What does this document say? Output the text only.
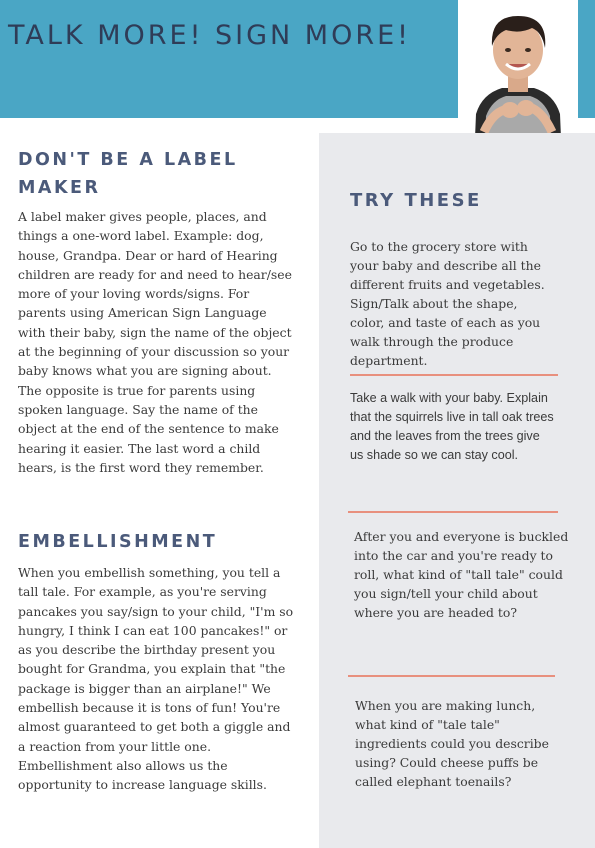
TALK MORE! SIGN MORE!
DON'T BE A LABEL
MAKER

A label maker gives people, places, and things a one-word label. Example: dog, house, Grandpa. Dear or hard of Hearing children are ready for and need to hear/see more of your loving words/signs. For parents using American Sign Language with their baby, sign the name of the object at the beginning of your discussion so your baby knows what you are signing about. The opposite is true for parents using spoken language. Say the name of the object at the end of the sentence to make hearing it easier. The last word a child hears, is the first word they remember.

EMBELLISHMENT

When you embellish something, you tell a tall tale. For example, as you're serving pancakes you say/sign to your child, "I'm so hungry, I think I can eat 100 pancakes!" or as you describe the birthday present you bought for Grandma, you explain that "the package is bigger than an airplane!" We embellish because it is tons of fun! You're almost guaranteed to get both a giggle and a reaction from your little one. Embellishment also allows us the opportunity to increase language skills.

TRY THESE

Go to the grocery store with your baby and describe all the different fruits and vegetables. Sign/Talk about the shape, color, and taste of each as you walk through the produce department.

Take a walk with your baby. Explain that the squirrels live in tall oak trees and the leaves from the trees give us shade so we can stay cool.

After you and everyone is buckled into the car and you're ready to roll, what kind of "tall tale" could you sign/tell your child about where you are headed to?

When you are making lunch, what kind of "tale tale" ingredients could you describe using? Could cheese puffs be called elephant toenails?
